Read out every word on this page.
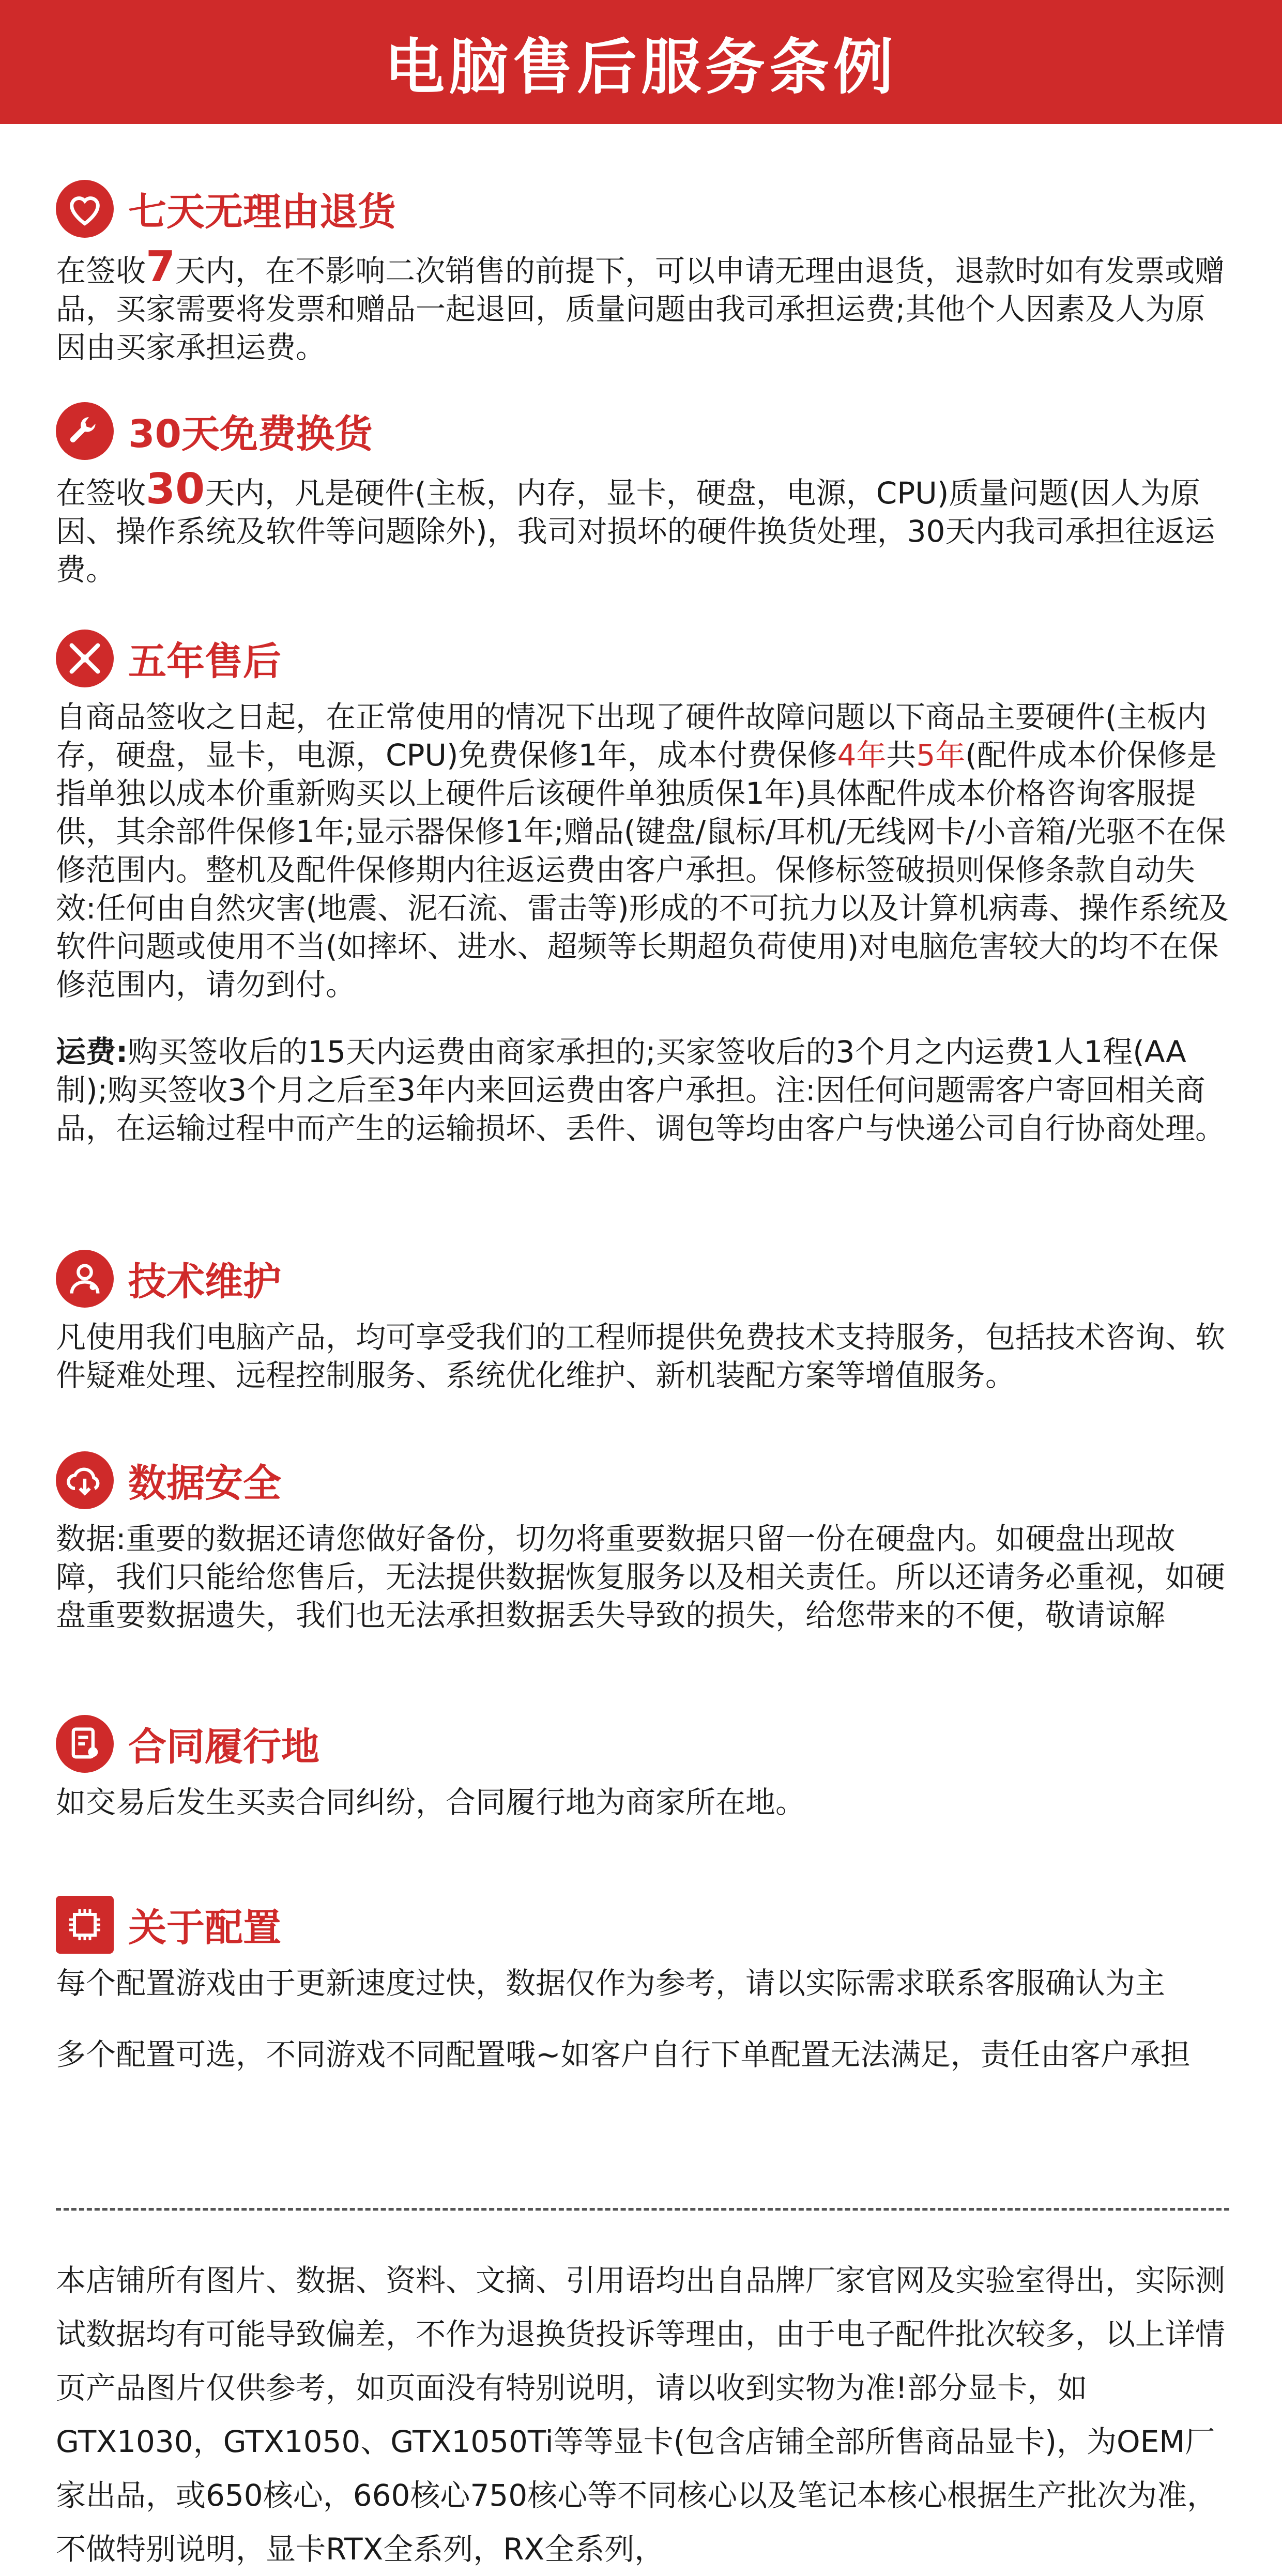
电脑售后服务条例
七天无理由退货

在签收7天内，在不影响二次销售的前提下，可以申请无理由退货，退款时如有发票或赠品，买家需要将发票和赠品一起退回，质量问题由我司承担运费;其他个人因素及人为原因由买家承担运费。

30天免费换货

在签收30天内，凡是硬件(主板，内存，显卡，硬盘，电源，CPU)质量问题(因人为原因、操作系统及软件等问题除外)，我司对损坏的硬件换货处理，30天内我司承担往返运费。

五年售后

自商品签收之日起，在正常使用的情况下出现了硬件故障问题以下商品主要硬件(主板内存，硬盘，显卡，电源，CPU)免费保修1年，成本付费保修4年共5年(配件成本价保修是指单独以成本价重新购买以上硬件后该硬件单独质保1年)具体配件成本价格咨询客服提供，其余部件保修1年;显示器保修1年;赠品(键盘/鼠标/耳机/无线网卡/小音箱/光驱不在保修范围内。整机及配件保修期内往返运费由客户承担。保修标签破损则保修条款自动失效:任何由自然灾害(地震、泥石流、雷击等)形成的不可抗力以及计算机病毒、操作系统及软件问题或使用不当(如摔坏、进水、超频等长期超负荷使用)对电脑危害较大的均不在保修范围内，请勿到付。

运费:购买签收后的15天内运费由商家承担的;买家签收后的3个月之内运费1人1程(AA制);购买签收3个月之后至3年内来回运费由客户承担。注:因任何问题需客户寄回相关商品，在运输过程中而产生的运输损坏、丢件、调包等均由客户与快递公司自行协商处理。

技术维护

凡使用我们电脑产品，均可享受我们的工程师提供免费技术支持服务，包括技术咨询、软件疑难处理、远程控制服务、系统优化维护、新机装配方案等增值服务。

数据安全

数据:重要的数据还请您做好备份，切勿将重要数据只留一份在硬盘内。如硬盘出现故障，我们只能给您售后，无法提供数据恢复服务以及相关责任。所以还请务必重视，如硬盘重要数据遗失，我们也无法承担数据丢失导致的损失，给您带来的不便，敬请谅解

合同履行地

如交易后发生买卖合同纠纷，合同履行地为商家所在地。

关于配置

每个配置游戏由于更新速度过快，数据仅作为参考，请以实际需求联系客服确认为主

多个配置可选，不同游戏不同配置哦~如客户自行下单配置无法满足，责任由客户承担

本店铺所有图片、数据、资料、文摘、引用语均出自品牌厂家官网及实验室得出，实际测试数据均有可能导致偏差，不作为退换货投诉等理由，由于电子配件批次较多，以上详情页产品图片仅供参考，如页面没有特别说明，请以收到实物为准!部分显卡，如GTX1030，GTX1050、GTX1050Ti等等显卡(包含店铺全部所售商品显卡)，为OEM厂家出品，或650核心，660核心750核心等不同核心以及笔记本核心根据生产批次为准，不做特别说明，显卡RTX全系列，RX全系列，
